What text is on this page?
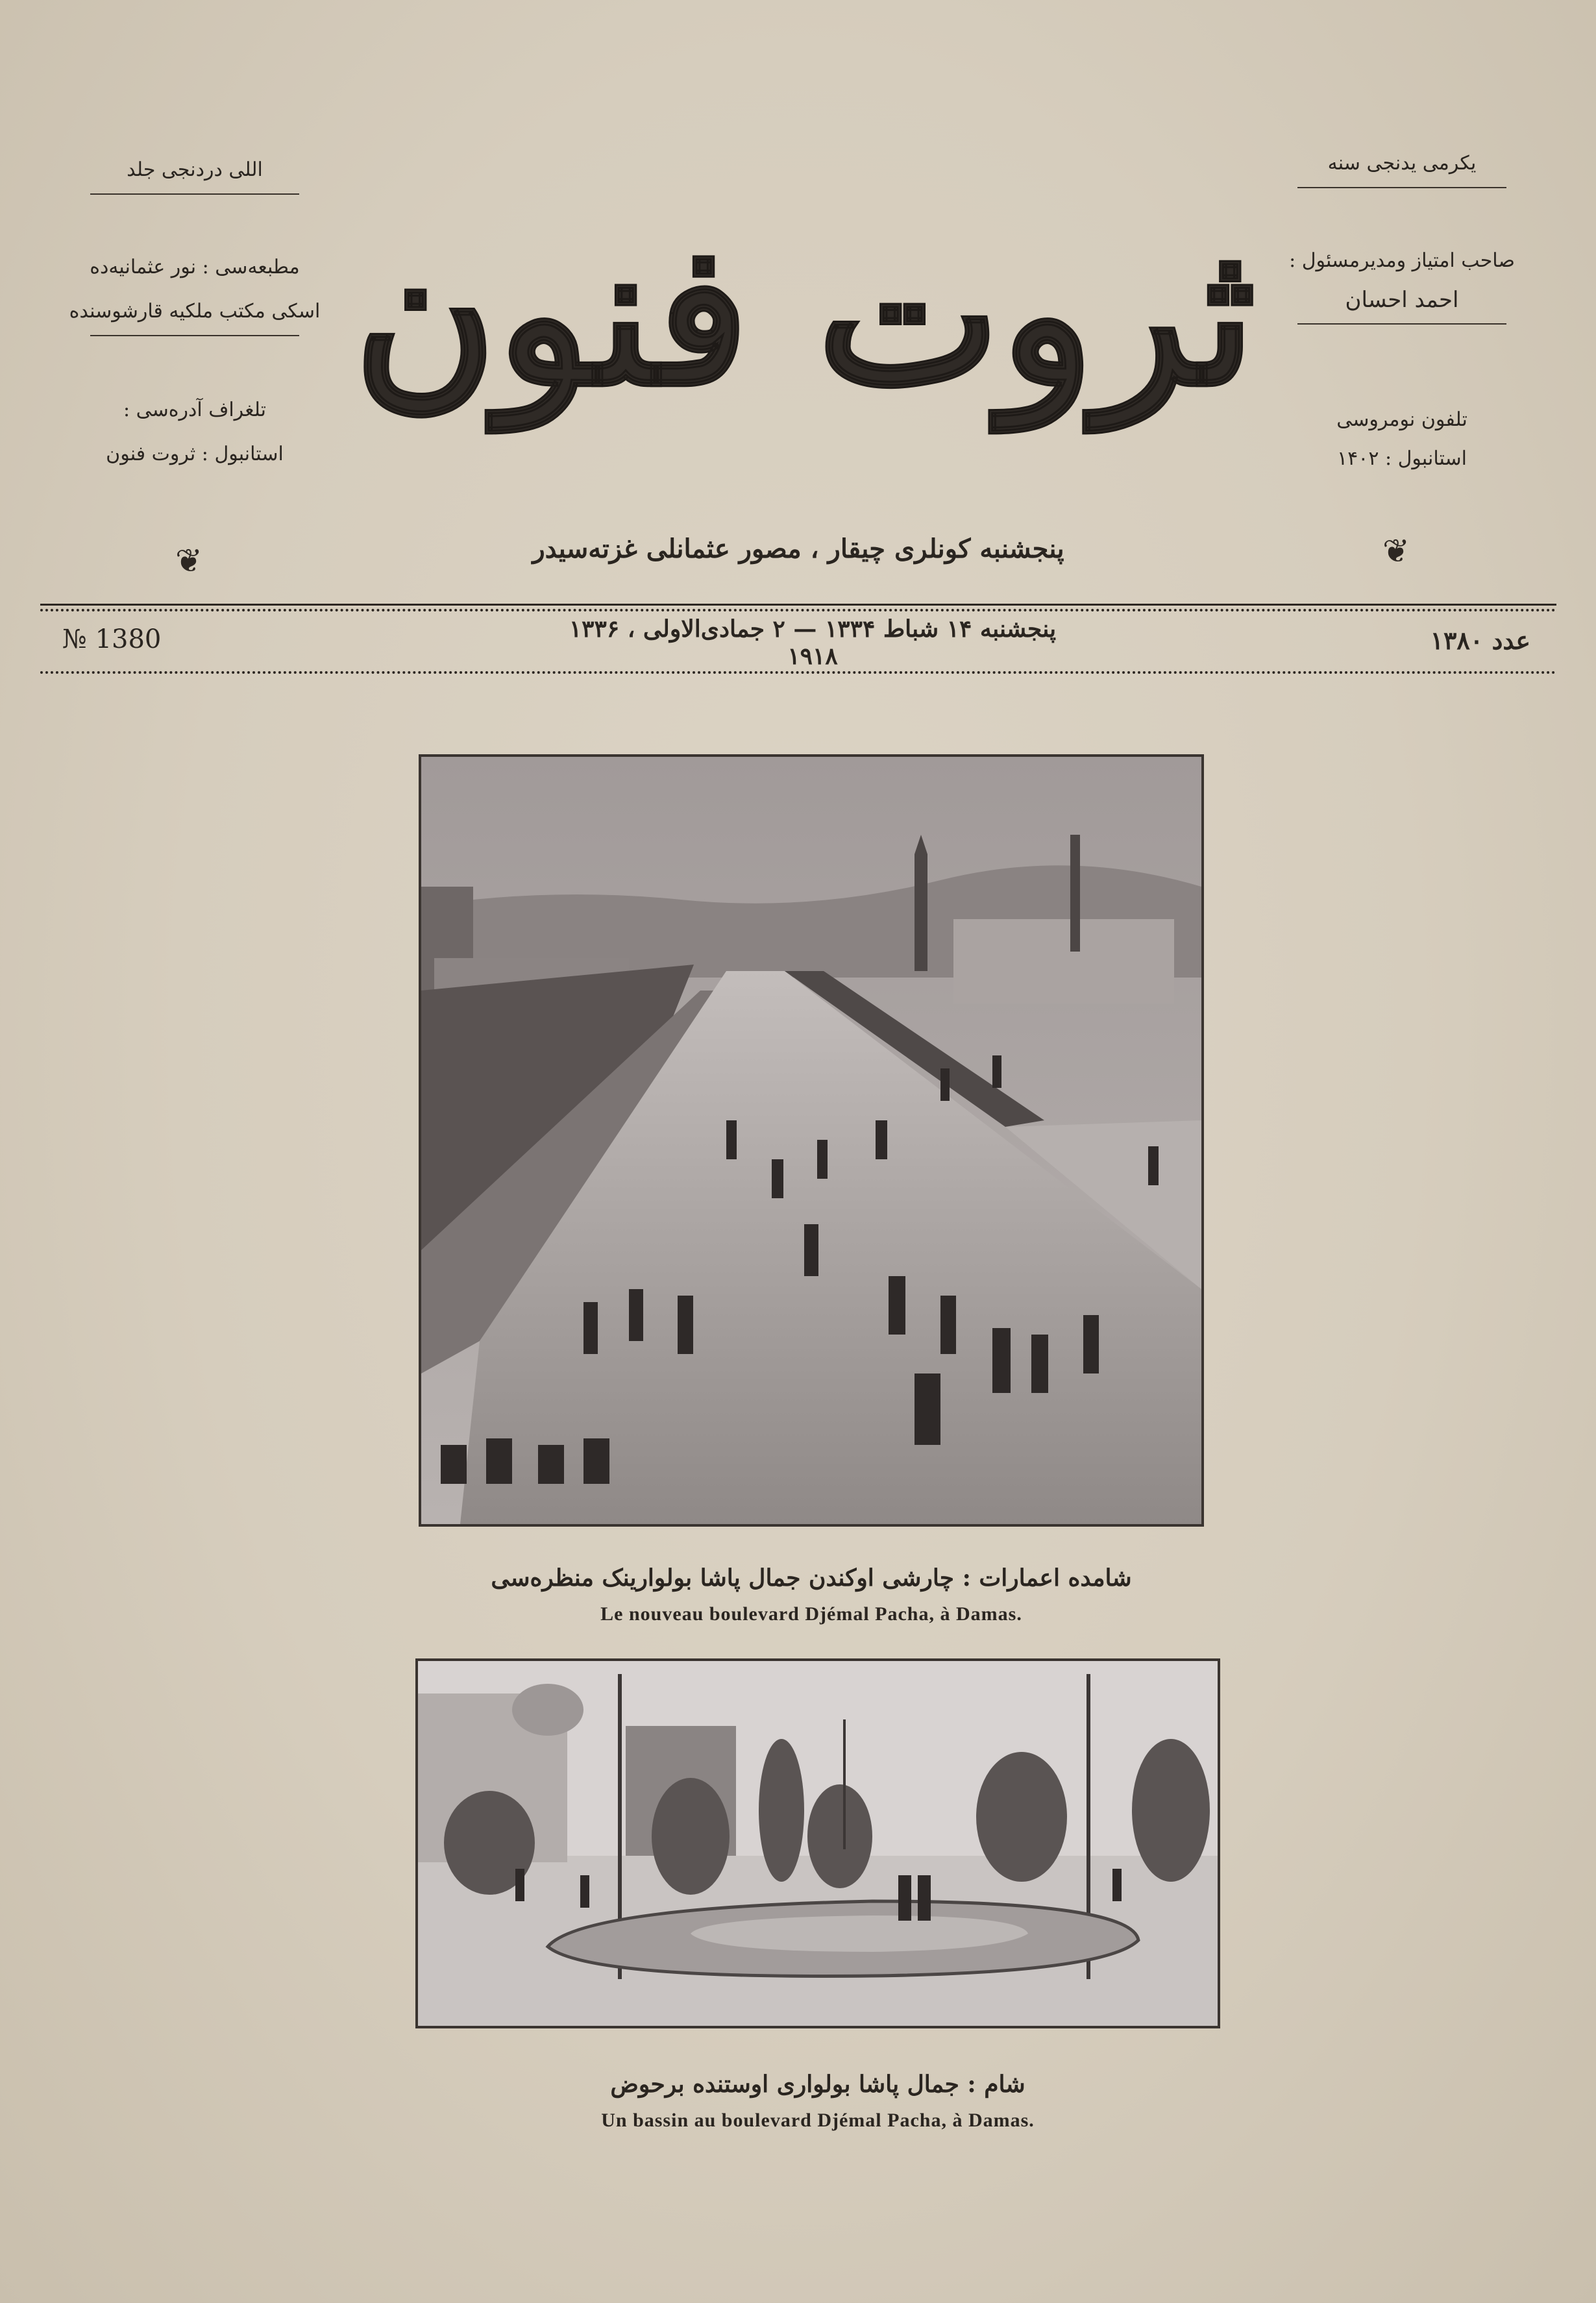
اللی دردنجی جلد
مطبعه‌سی : نور عثمانیه‌ده
اسکی مکتب ملکیه قارشوسنده
تلغراف آدره‌سی :
استانبول : ثروت فنون
یکرمی یدنجی سنه
صاحب امتیاز ومدیرمسئول :
احمد احسان
تلفون نومروسی
استانبول : ۱۴۰۲
ثروت فنون
❦	❦
پنجشنبه کونلری چیقار ، مصور عثمانلی غزته‌سیدر
№ 1380	پنجشنبه ۱۴ شباط ۱۳۳۴ — ۲ جمادی‌الاولی ، ۱۳۳۶
۱۹۱۸
عدد ۱۳۸۰
شامده اعمارات : چارشی اوکندن جمال پاشا بولوارینک منظره‌سی
Le nouveau boulevard Djémal Pacha, à Damas.
شام : جمال پاشا بولواری اوستنده برحوض
Un bassin au boulevard Djémal Pacha, à Damas.
